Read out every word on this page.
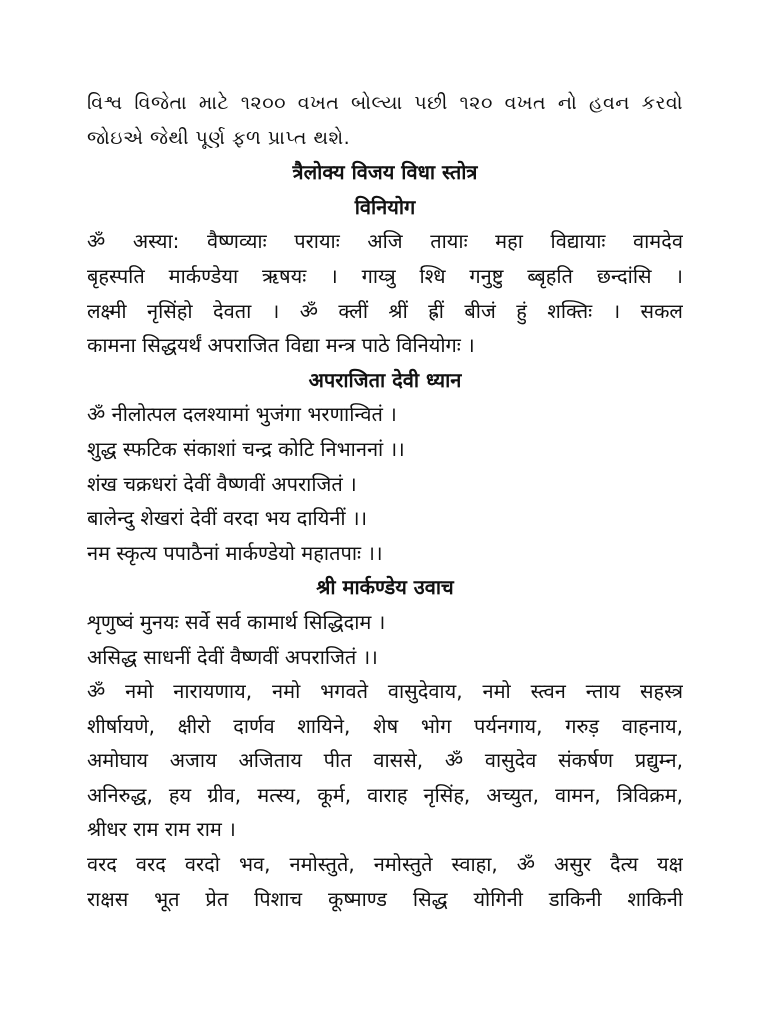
વિશ્વ વિજેતા માટે ૧૨૦૦ વખત બોલ્યા પછી ૧૨૦ વખત નો હવન કરવો
જોઇએ જેથી પૂર્ણ ફળ પ્રાપ્ત થશે.
त्रैलोक्य विजय विधा स्तोत्र
विनियोग
ॐ अस्या: वैष्णव्याः परायाः अजि तायाः महा विद्यायाः वामदेव
बृहस्पति मार्कण्डेया ऋषयः । गाय्त्रु श्धि गनुष्टु ब्बृहति छन्दांसि ।
लक्ष्मी नृसिंहो देवता । ॐ क्लीं श्रीं ह्रीं बीजं हुं शक्तिः । सकल
कामना सिद्धयर्थं अपराजित विद्या मन्त्र पाठे विनियोगः ।
अपराजिता देवी ध्यान
ॐ नीलोत्पल दलश्यामां भुजंगा भरणान्वितं ।
शुद्ध स्फटिक संकाशां चन्द्र कोटि निभाननां ।।
शंख चक्रधरां देवीं वैष्णवीं अपराजितं ।
बालेन्दु शेखरां देवीं वरदा भय दायिनीं ।।
नम स्कृत्य पपाठैनां मार्कण्डेयो महातपाः ।।
श्री मार्कण्डेय उवाच
शृणुष्वं मुनयः सर्वे सर्व कामार्थ सिद्धिदाम ।
असिद्ध साधनीं देवीं वैष्णवीं अपराजितं ।।
ॐ नमो नारायणाय, नमो भगवते वासुदेवाय, नमो स्त्वन न्ताय सहस्त्र
शीर्षायणे, क्षीरो दार्णव शायिने, शेष भोग पर्यनगाय, गरुड़ वाहनाय,
अमोघाय अजाय अजिताय पीत वाससे, ॐ वासुदेव संकर्षण प्रद्युम्न,
अनिरुद्ध, हय ग्रीव, मत्स्य, कूर्म, वाराह नृसिंह, अच्युत, वामन, त्रिविक्रम,
श्रीधर राम राम राम ।
वरद वरद वरदो भव, नमोस्तुते, नमोस्तुते स्वाहा, ॐ असुर दैत्य यक्ष
राक्षस भूत प्रेत पिशाच कूष्माण्ड सिद्ध योगिनी डाकिनी शाकिनी
